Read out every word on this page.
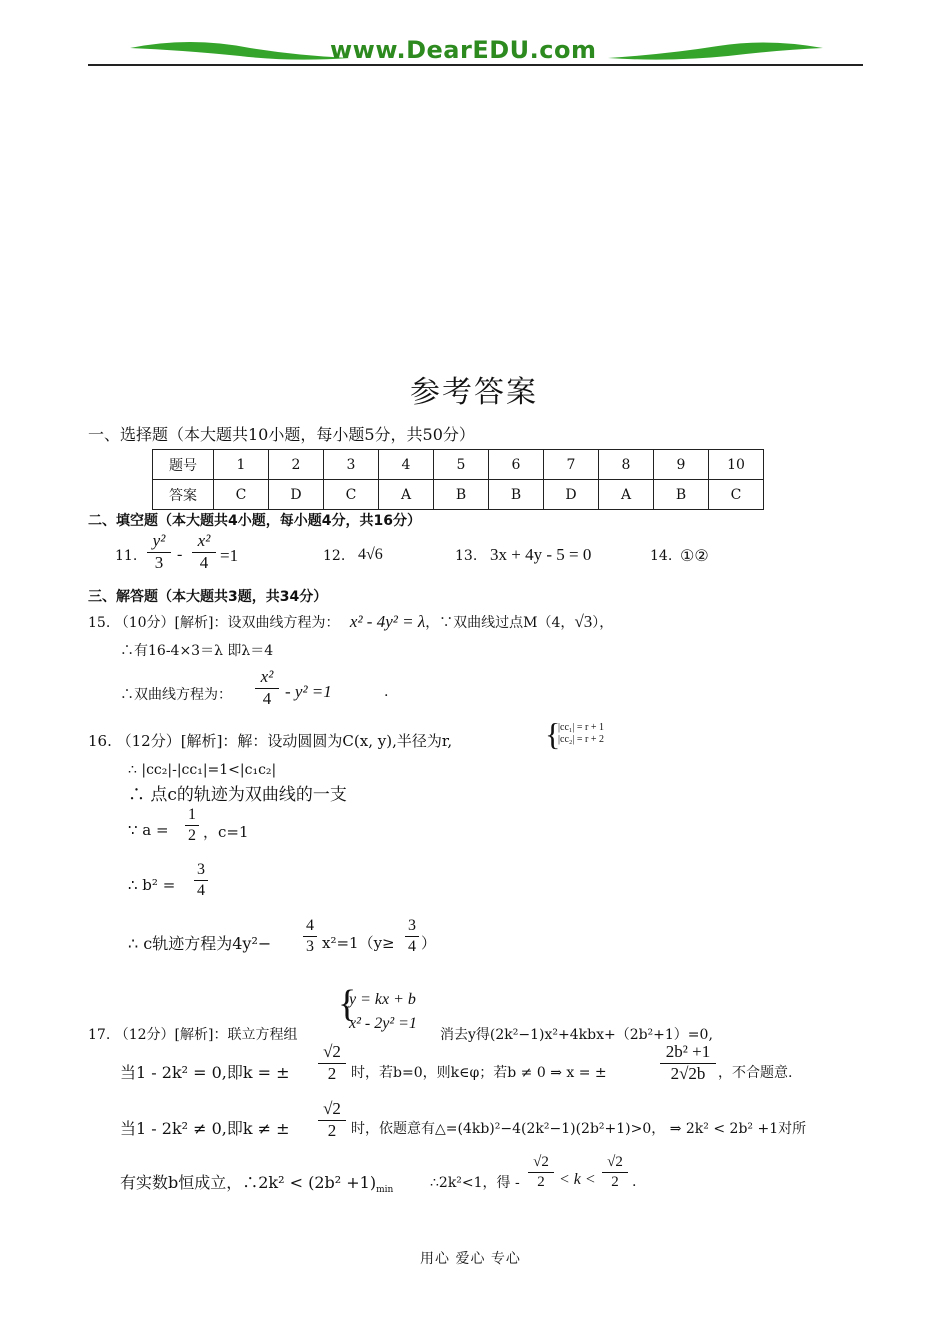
www.DearEDU.com
参考答案
一、选择题（本大题共10小题，每小题5分，共50分）
题号	1	2	3	4	5	6	7	8	9	10
答案	C	D	C	A	B	B	D	A	B	C
二、填空题（本大题共4小题，每小题4分，共16分）
11.
y²
3 -
x²
4 =1	12. 4√6	13. 3x + 4y - 5 = 0	14. ①②
三、解答题（本大题共3题，共34分）
15. （10分）[解析]：设双曲线方程为： x² - 4y² = λ，∵双曲线过点M（4，√3），
∴有16-4×3＝λ 即λ＝4
∴双曲线方程为：
x²
4 - y² =1	.
16. （12分）[解析]：解：设动圆圆为C(x, y),半径为r,	{
|cc₁| = r + 1
|cc₂| = r + 2
∴ |cc₂|-|cc₁|=1<|c₁c₂|
∴ 点c的轨迹为双曲线的一支
∵ a =
1
2 ，c=1
∴ b² =
3
4
∴ c轨迹方程为4y²−
4
3 x²=1（y≥
3
4 ）
{
y = kx + b
x² - 2y² =1
17. （12分）[解析]：联立方程组	消去y得(2k²−1)x²+4kbx+（2b²+1）=0,
当1 - 2k² = 0,即k = ±
√2
2	时，若b=0，则k∈φ；若b ≠ 0 ⇒ x = ±
2b² +1
2√2b ，不合题意.
当1 - 2k² ≠ 0,即k ≠ ±
√2
2	时，依题意有△=(4kb)²−4(2k²−1)(2b²+1)>0， ⇒ 2k² < 2b² +1对所
有实数b恒成立，∴2k² < $(2b^2 +1)_{min}$	∴2k²<1，得 -
√2
2 < k <
√2
2 .
用心 爱心 专心
